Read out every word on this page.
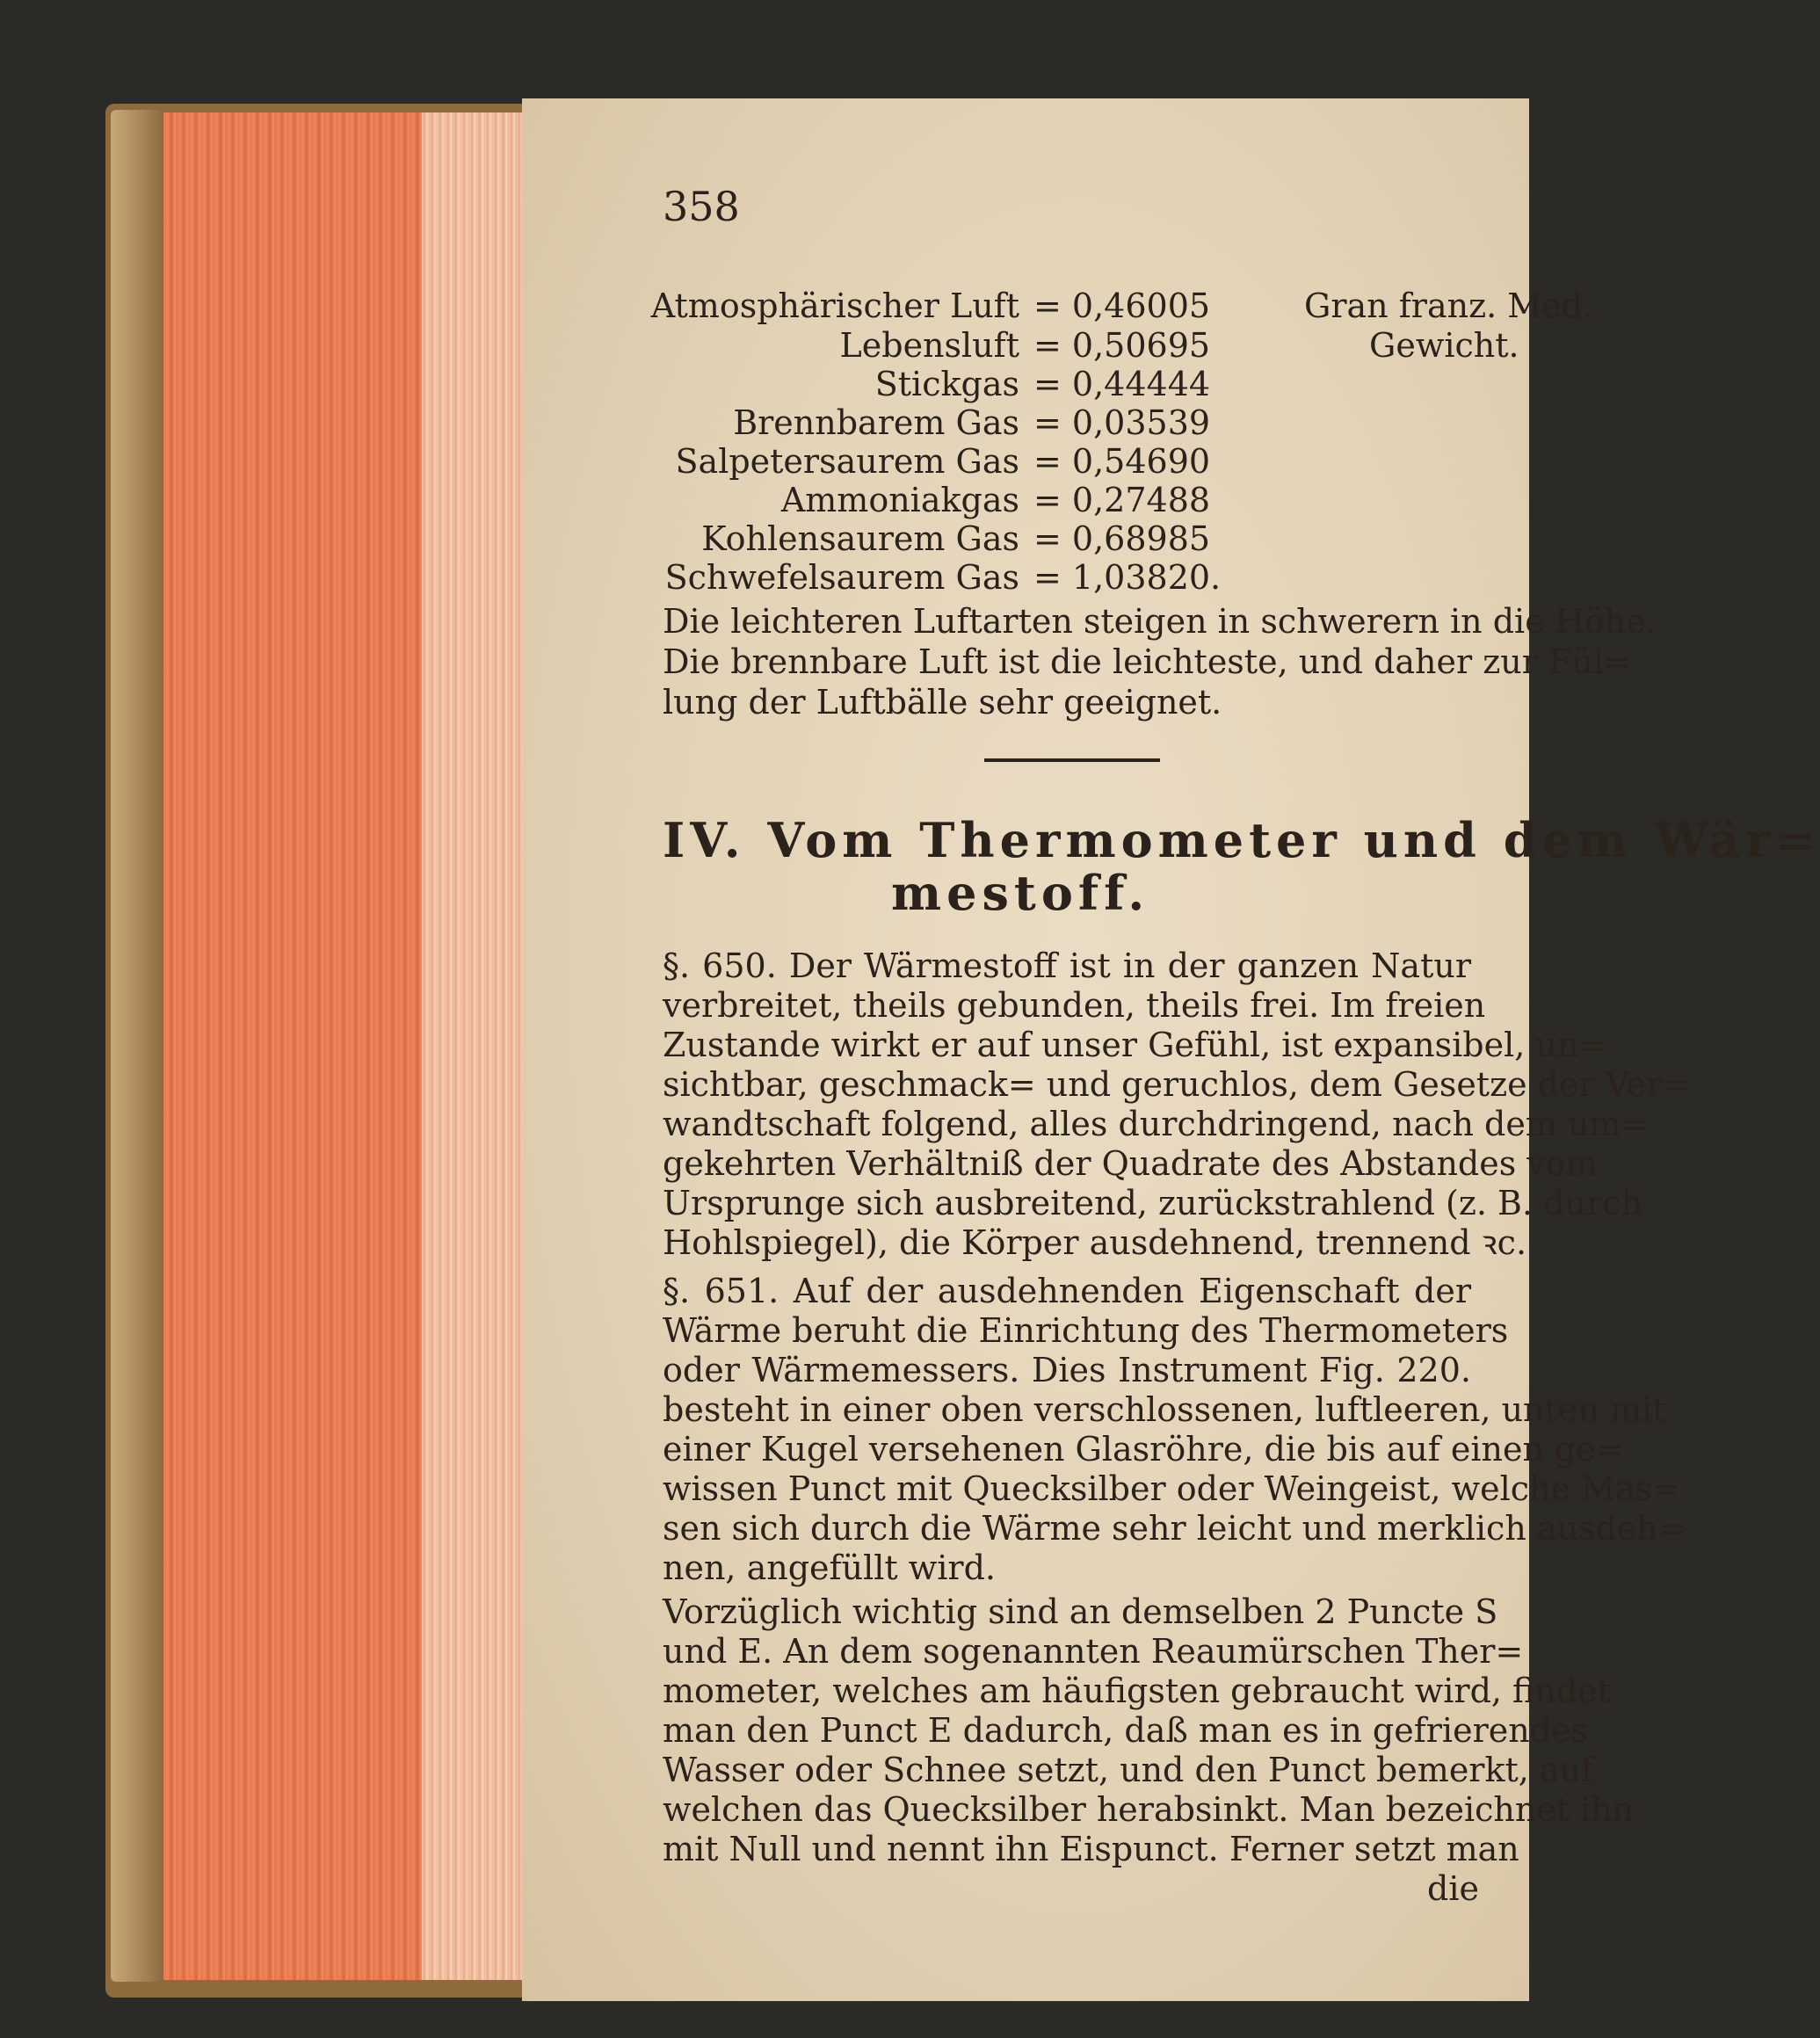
358
Atmosphärischer Luft = 0,46005	Gran franz. Med.
Lebensluft = 0,50695	Gewicht.
Stickgas = 0,44444
Brennbarem Gas = 0,03539
Salpetersaurem Gas = 0,54690
Ammoniakgas = 0,27488
Kohlensaurem Gas = 0,68985
Schwefelsaurem Gas = 1,03820.
Die leichteren Luftarten steigen in schwerern in die Höhe.
Die brennbare Luft ist die leichteste, und daher zur Fül=
lung der Luftbälle sehr geeignet.
IV. Vom Thermometer und dem Wär=
mestoff.
§. 650. Der Wärmestoff ist in der ganzen Natur
verbreitet, theils gebunden, theils frei. Im freien
Zustande wirkt er auf unser Gefühl, ist expansibel, un=
sichtbar, geschmack= und geruchlos, dem Gesetze der Ver=
wandtschaft folgend, alles durchdringend, nach dem um=
gekehrten Verhältniß der Quadrate des Abstandes vom
Ursprunge sich ausbreitend, zurückstrahlend (z. B. durch
Hohlspiegel), die Körper ausdehnend, trennend ꝛc.
§. 651. Auf der ausdehnenden Eigenschaft der
Wärme beruht die Einrichtung des Thermometers
oder Wärmemessers. Dies Instrument Fig. 220.
besteht in einer oben verschlossenen, luftleeren, unten mit
einer Kugel versehenen Glasröhre, die bis auf einen ge=
wissen Punct mit Quecksilber oder Weingeist, welche Mas=
sen sich durch die Wärme sehr leicht und merklich ausdeh=
nen, angefüllt wird.
Vorzüglich wichtig sind an demselben 2 Puncte S
und E. An dem sogenannten Reaumürschen Ther=
mometer, welches am häufigsten gebraucht wird, findet
man den Punct E dadurch, daß man es in gefrierendes
Wasser oder Schnee setzt, und den Punct bemerkt, auf
welchen das Quecksilber herabsinkt. Man bezeichnet ihn
mit Null und nennt ihn Eispunct. Ferner setzt man
die
